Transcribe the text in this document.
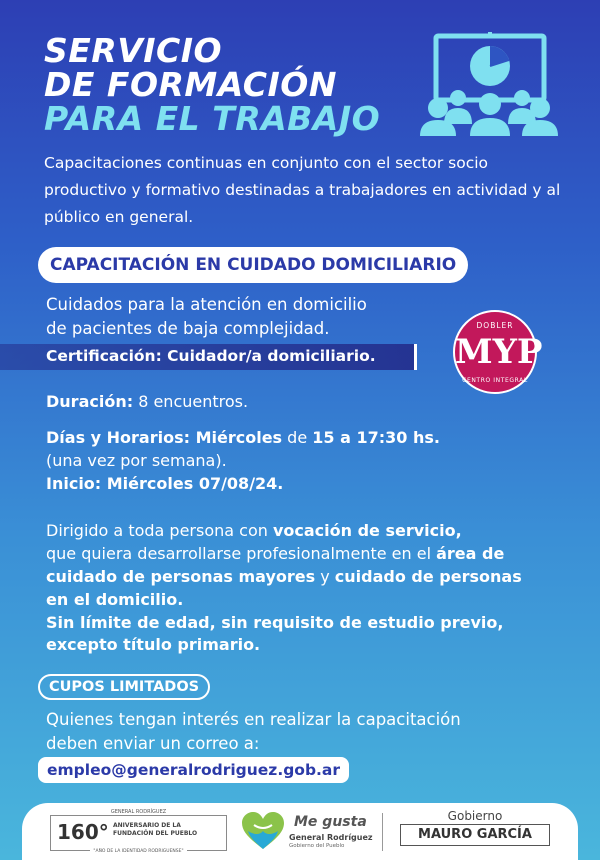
SERVICIO
DE FORMACIÓN
PARA EL TRABAJO
Capacitaciones continuas en conjunto con el sector socio productivo y formativo destinadas a trabajadores en actividad y al público en general.
CAPACITACIÓN EN CUIDADO DOMICILIARIO
Cuidados para la atención en domicilio
de pacientes de baja complejidad.
Certificación: Cuidador/a domiciliario.
DOBLER
MYP
CENTRO INTEGRAL
Duración: 8 encuentros.
Días y Horarios: Miércoles de 15 a 17:30 hs.
(una vez por semana).
Inicio: Miércoles 07/08/24.
Dirigido a toda persona con vocación de servicio,
que quiera desarrollarse profesionalmente en el área de cuidado de personas mayores y cuidado de personas en el domicilio.
Sin límite de edad, sin requisito de estudio previo, excepto título primario.
CUPOS LIMITADOS
Quienes tengan interés en realizar la capacitación
deben enviar un correo a:
empleo@generalrodriguez.gob.ar
GENERAL RODRÍGUEZ
160° ANIVERSARIO DE LA FUNDACIÓN DEL PUEBLO
"AÑO DE LA IDENTIDAD RODRIGUENSE"
Me gusta
General Rodríguez
Gobierno del Pueblo
Gobierno
MAURO GARCÍA
